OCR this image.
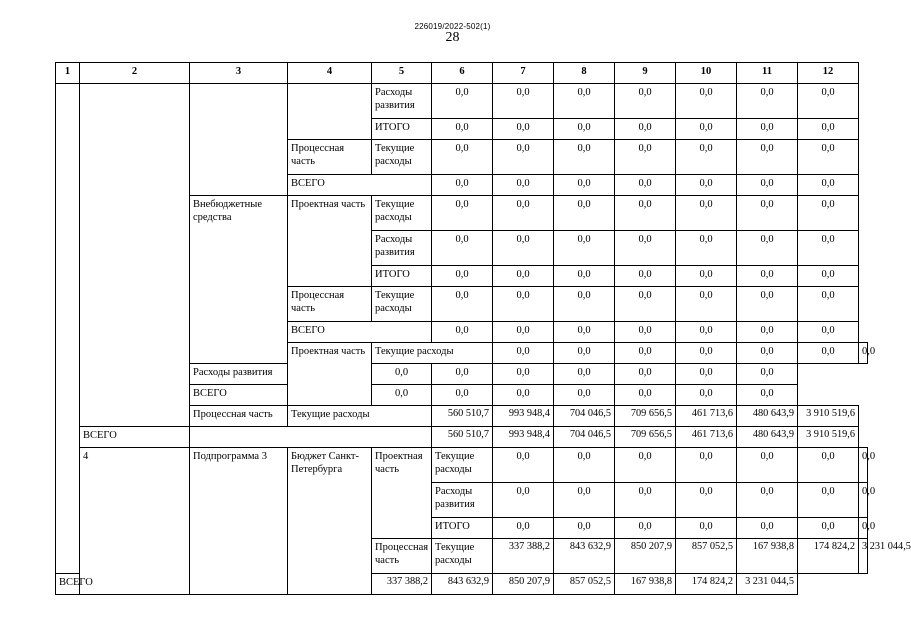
226019/2022-502(1)
28
1	2	3	4	5	6	7	8	9	10	11	12	
				Расходы развития	0,0	0,0	0,0	0,0	0,0	0,0	0,0	
				ИТОГО	0,0	0,0	0,0	0,0	0,0	0,0	0,0	
			Процессная часть	Текущие расходы	0,0	0,0	0,0	0,0	0,0	0,0	0,0	
			ВСЕГО		0,0	0,0	0,0	0,0	0,0	0,0	0,0	
		Внебюджетные средства	Проектная часть	Текущие расходы	0,0	0,0	0,0	0,0	0,0	0,0	0,0	
				Расходы развития	0,0	0,0	0,0	0,0	0,0	0,0	0,0	
				ИТОГО	0,0	0,0	0,0	0,0	0,0	0,0	0,0	
			Процессная часть	Текущие расходы	0,0	0,0	0,0	0,0	0,0	0,0	0,0	
			ВСЕГО		0,0	0,0	0,0	0,0	0,0	0,0	0,0	
			Проектная часть	Текущие расходы		0,0	0,0	0,0	0,0	0,0	0,0	0,0
		Расходы развития		0,0	0,0	0,0	0,0	0,0	0,0	0,0		
		ВСЕГО		0,0	0,0	0,0	0,0	0,0	0,0	0,0		
		Процессная часть	Текущие расходы		560 510,7	993 948,4	704 046,5	709 656,5	461 713,6	480 643,9	3 910 519,6	
	ВСЕГО				560 510,7	993 948,4	704 046,5	709 656,5	461 713,6	480 643,9	3 910 519,6	
	4	Подпрограмма 3	Бюджет Санкт-Петербурга	Проектная часть	Текущие расходы	0,0	0,0	0,0	0,0	0,0	0,0	0,0
					Расходы развития	0,0	0,0	0,0	0,0	0,0	0,0	0,0
					ИТОГО	0,0	0,0	0,0	0,0	0,0	0,0	0,0
				Процессная часть	Текущие расходы	337 388,2	843 632,9	850 207,9	857 052,5	167 938,8	174 824,2	3 231 044,5
ВСЕГО				337 388,2	843 632,9	850 207,9	857 052,5	167 938,8	174 824,2	3 231 044,5		
